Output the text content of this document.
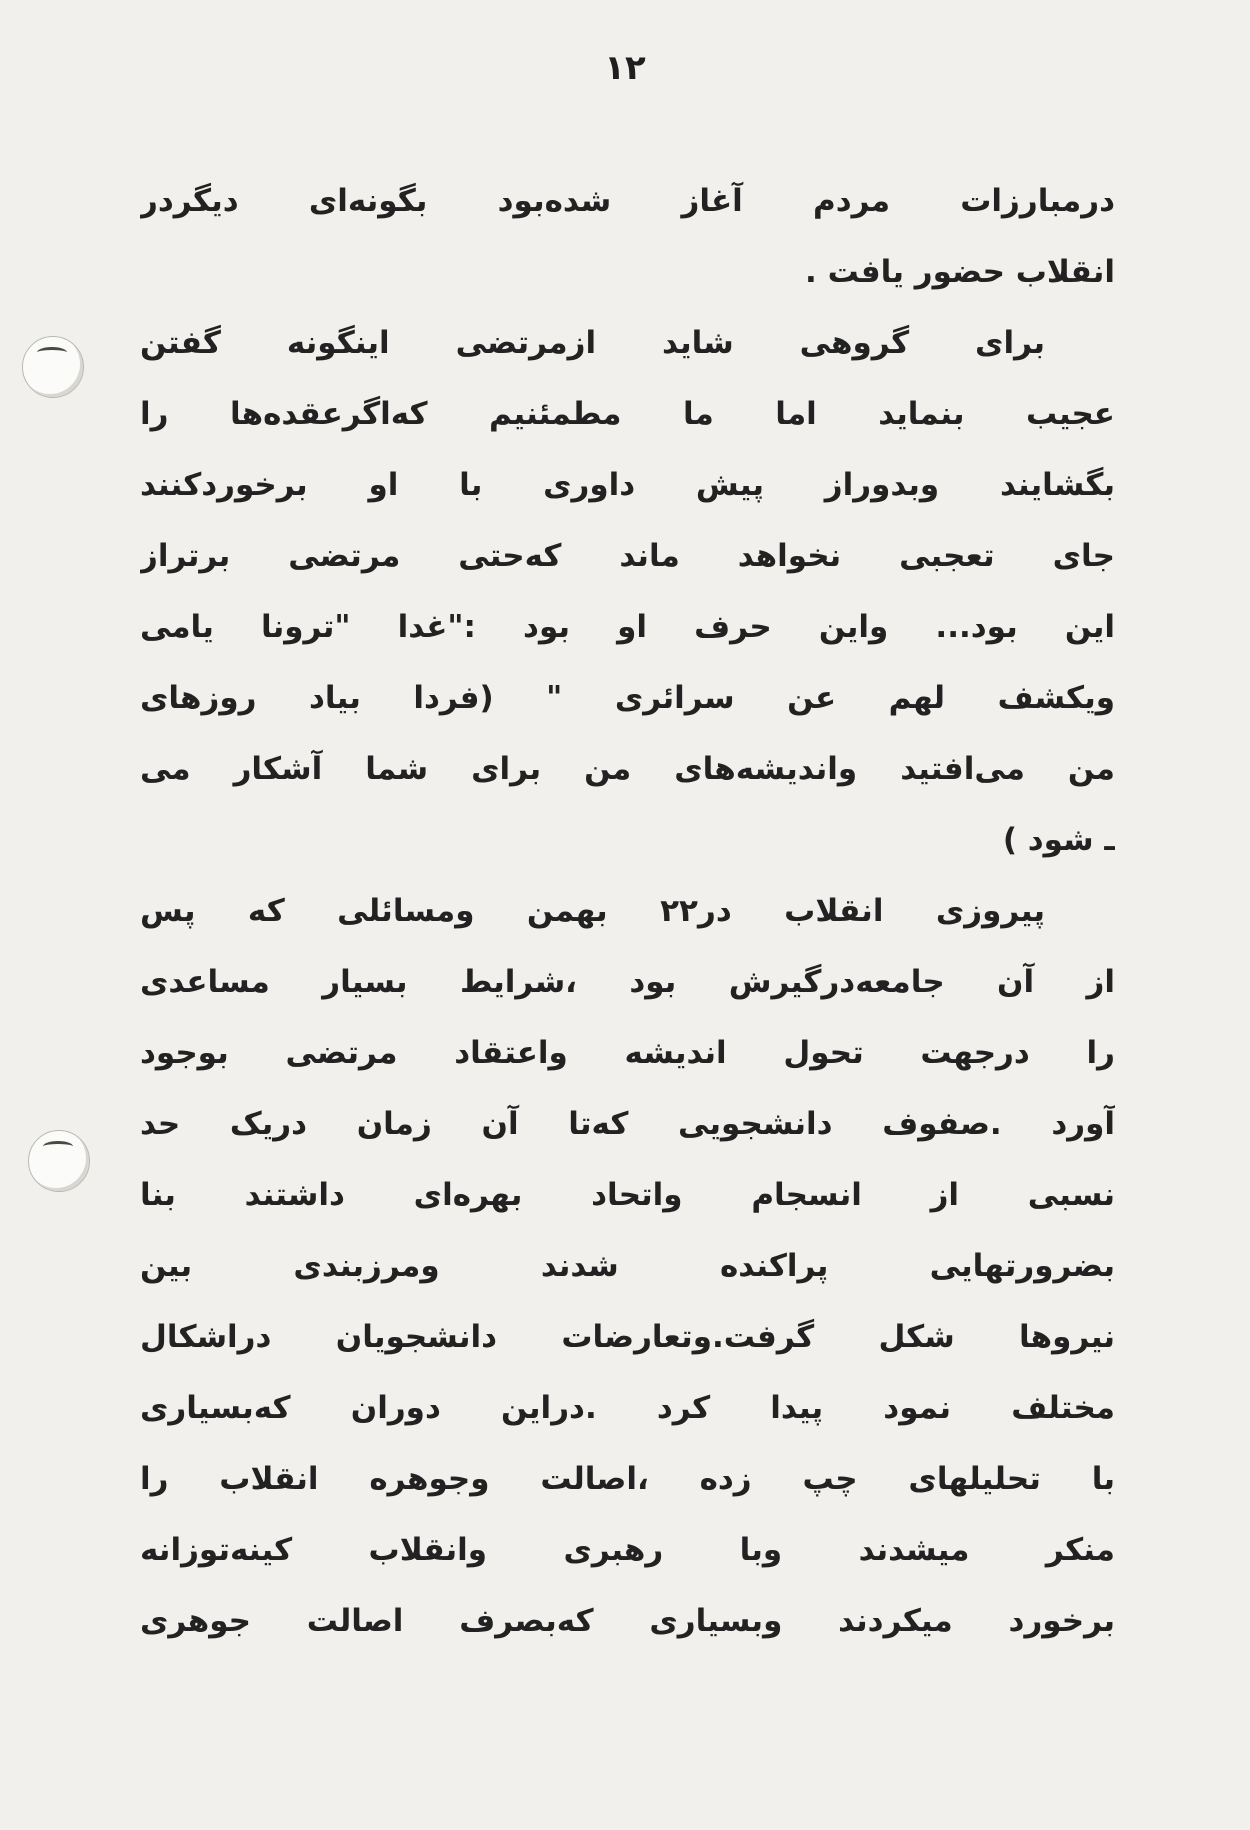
۱۲
درمبارزات مردم آغاز شده‌بود بگونه‌ای دیگردر
انقلاب حضور یافت .
برای گروهی شاید ازمرتضی اینگونه گفتن
عجیب بنماید اما ما مطمئنیم که‌اگرعقده‌ها را
بگشایند وبدوراز پیش داوری با او برخوردکنند
جای تعجبی نخواهد ماند که‌حتی مرتضی برتراز
این بود... واین حرف او بود :"غدا "ترونا یامی
ویکشف لهم عن سرائری " (فردا بیاد روزهای
من می‌افتید واندیشه‌های من برای شما آشکار می
ـ شود )
پیروزی انقلاب در۲۲ بهمن ومسائلی که پس
از آن جامعه‌درگیرش بود ،شرایط بسیار مساعدی
را درجهت تحول اندیشه واعتقاد مرتضی بوجود
آورد .صفوف دانشجویی که‌تا آن زمان دریک حد
نسبی از انسجام واتحاد بهره‌ای داشتند بنا
بضرورتهایی پراکنده شدند ومرزبندی بین
نیروها شکل گرفت.وتعارضات دانشجویان دراشکال
مختلف نمود پیدا کرد .دراین دوران که‌بسیاری
با تحلیلهای چپ زده ،اصالت وجوهره انقلاب را
منکر میشدند وبا رهبری وانقلاب کینه‌توزانه
برخورد میکردند وبسیاری که‌بصرف اصالت جوهری
